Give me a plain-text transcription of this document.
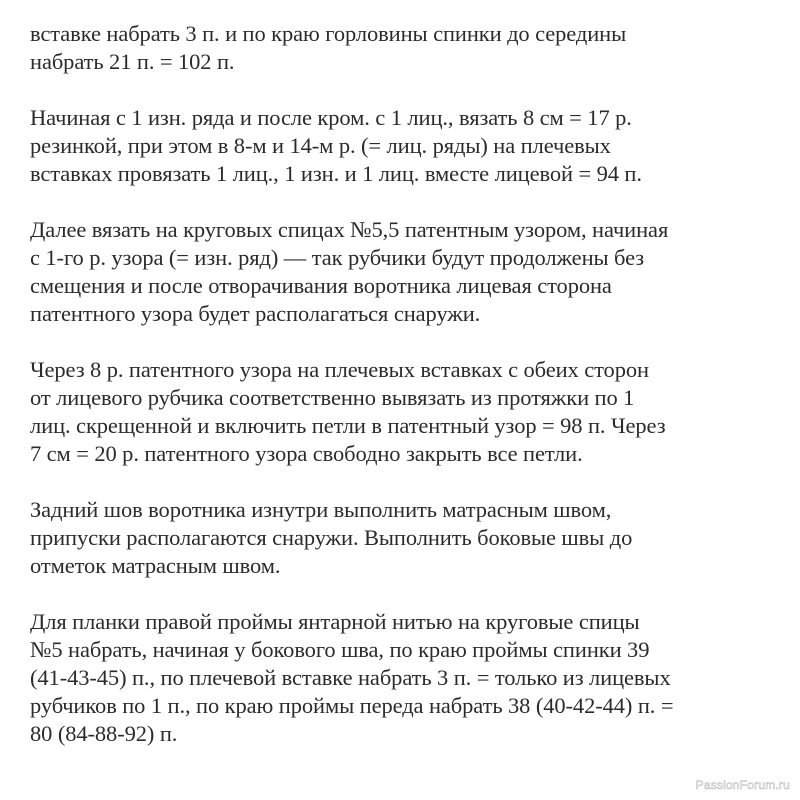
вставке набрать 3 п. и по краю горловины спинки до середины
набрать 21 п. = 102 п.

Начиная с 1 изн. ряда и после кром. с 1 лиц., вязать 8 см = 17 р.
резинкой, при этом в 8-м и 14-м р. (= лиц. ряды) на плечевых
вставках провязать 1 лиц., 1 изн. и 1 лиц. вместе лицевой = 94 п.

Далее вязать на круговых спицах №5,5 патентным узором, начиная
с 1-го р. узора (= изн. ряд) — так рубчики будут продолжены без
смещения и после отворачивания воротника лицевая сторона
патентного узора будет располагаться снаружи.

Через 8 р. патентного узора на плечевых вставках с обеих сторон
от лицевого рубчика соответственно вывязать из протяжки по 1
лиц. скрещенной и включить петли в патентный узор = 98 п. Через
7 см = 20 р. патентного узора свободно закрыть все петли.

Задний шов воротника изнутри выполнить матрасным швом,
припуски располагаются снаружи. Выполнить боковые швы до
отметок матрасным швом.

Для планки правой проймы янтарной нитью на круговые спицы
№5 набрать, начиная у бокового шва, по краю проймы спинки 39
(41-43-45) п., по плечевой вставке набрать 3 п. = только из лицевых
рубчиков по 1 п., по краю проймы переда набрать 38 (40-42-44) п. =
80 (84-88-92) п.

PassionForum.ru
